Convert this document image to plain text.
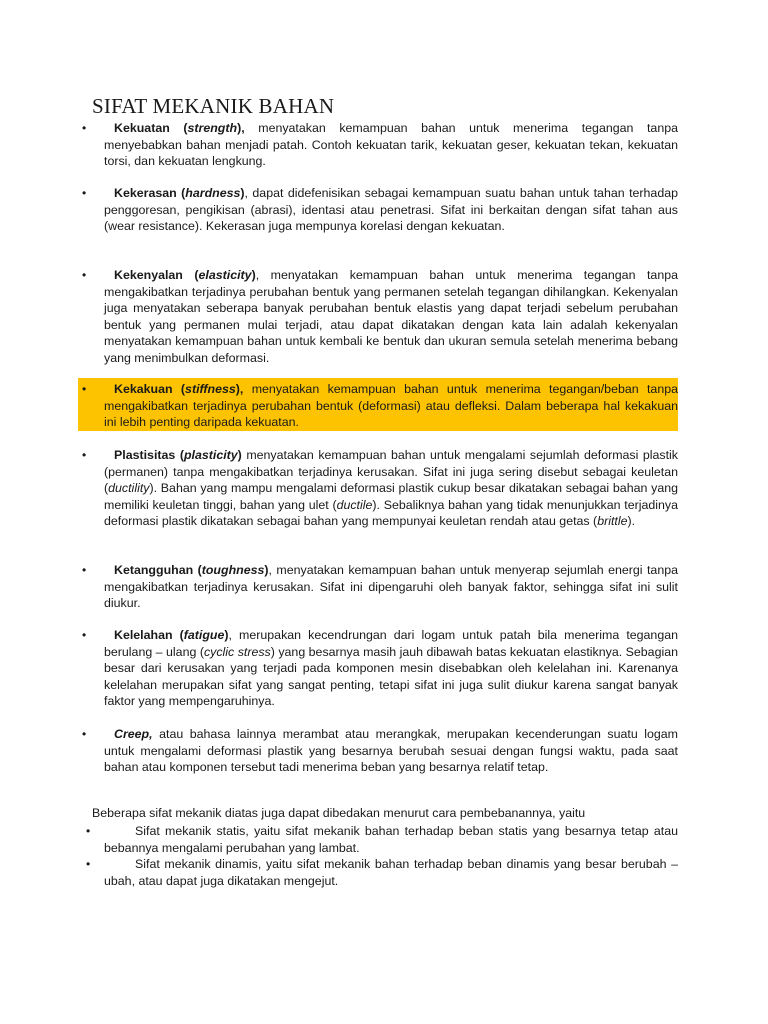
SIFAT MEKANIK BAHAN
•	Kekuatan (strength), menyatakan kemampuan bahan untuk menerima tegangan tanpa menyebabkan bahan menjadi patah. Contoh kekuatan tarik, kekuatan geser, kekuatan tekan, kekuatan torsi, dan kekuatan lengkung.

•	Kekerasan (hardness), dapat didefenisikan sebagai kemampuan suatu bahan untuk tahan terhadap penggoresan, pengikisan (abrasi), identasi atau penetrasi. Sifat ini berkaitan dengan sifat tahan aus (wear resistance). Kekerasan juga mempunya korelasi dengan kekuatan.

•	Kekenyalan (elasticity), menyatakan kemampuan bahan untuk menerima tegangan tanpa mengakibatkan terjadinya perubahan bentuk yang permanen setelah tegangan dihilangkan. Kekenyalan juga menyatakan seberapa banyak perubahan bentuk elastis yang dapat terjadi sebelum perubahan bentuk yang permanen mulai terjadi, atau dapat dikatakan dengan kata lain adalah kekenyalan menyatakan kemampuan bahan untuk kembali ke bentuk dan ukuran semula setelah menerima bebang yang menimbulkan deformasi.

•	Kekakuan (stiffness), menyatakan kemampuan bahan untuk menerima tegangan/beban tanpa mengakibatkan terjadinya perubahan bentuk (deformasi) atau defleksi. Dalam beberapa hal kekakuan ini lebih penting daripada kekuatan.

•	Plastisitas (plasticity) menyatakan kemampuan bahan untuk mengalami sejumlah deformasi plastik (permanen) tanpa mengakibatkan terjadinya kerusakan. Sifat ini juga sering disebut sebagai keuletan (ductility). Bahan yang mampu mengalami deformasi plastik cukup besar dikatakan sebagai bahan yang memiliki keuletan tinggi, bahan yang ulet (ductile). Sebaliknya bahan yang tidak menunjukkan terjadinya deformasi plastik dikatakan sebagai bahan yang mempunyai keuletan rendah atau getas (brittle).

•	Ketangguhan (toughness), menyatakan kemampuan bahan untuk menyerap sejumlah energi tanpa mengakibatkan terjadinya kerusakan. Sifat ini dipengaruhi oleh banyak faktor, sehingga sifat ini sulit diukur.

•	Kelelahan (fatigue), merupakan kecendrungan dari logam untuk patah bila menerima tegangan berulang – ulang (cyclic stress) yang besarnya masih jauh dibawah batas kekuatan elastiknya. Sebagian besar dari kerusakan yang terjadi pada komponen mesin disebabkan oleh kelelahan ini. Karenanya kelelahan merupakan sifat yang sangat penting, tetapi sifat ini juga sulit diukur karena sangat banyak faktor yang mempengaruhinya.

•	Creep, atau bahasa lainnya merambat atau merangkak, merupakan kecenderungan suatu logam untuk mengalami deformasi plastik yang besarnya berubah sesuai dengan fungsi waktu, pada saat bahan atau komponen tersebut tadi menerima beban yang besarnya relatif tetap.

Beberapa sifat mekanik diatas juga dapat dibedakan menurut cara pembebanannya, yaitu

•	Sifat mekanik statis, yaitu sifat mekanik bahan terhadap beban statis yang besarnya tetap atau bebannya mengalami perubahan yang lambat.

•	Sifat mekanik dinamis, yaitu sifat mekanik bahan terhadap beban dinamis yang besar berubah – ubah, atau dapat juga dikatakan mengejut.
